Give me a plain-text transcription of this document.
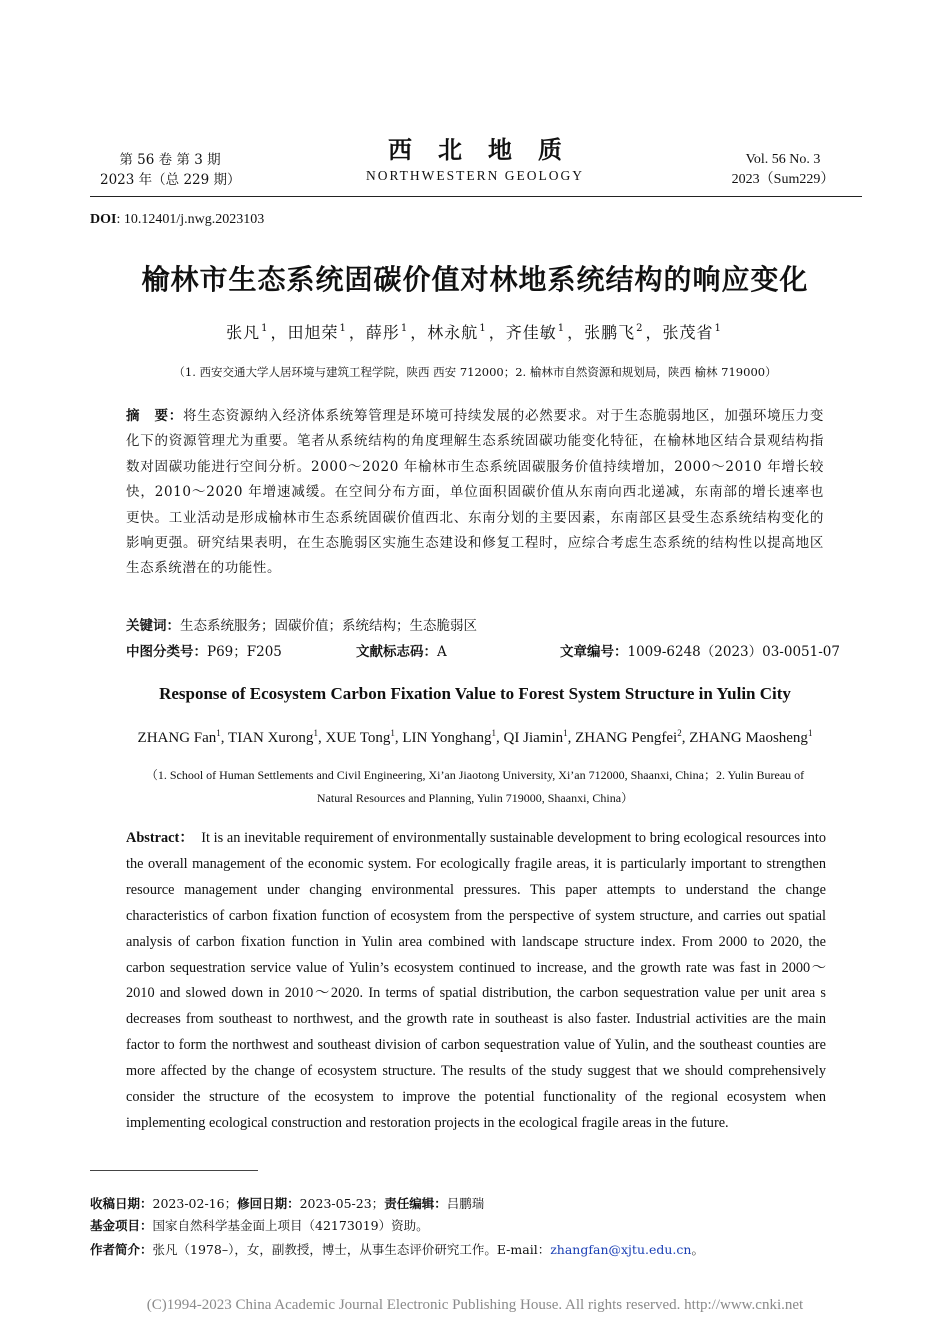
第 56 卷 第 3 期
2023 年（总 229 期）
西北地质
NORTHWESTERN GEOLOGY
Vol. 56 No. 3
2023（Sum229）
DOI: 10.12401/j.nwg.2023103
榆林市生态系统固碳价值对林地系统结构的响应变化
张凡$^1$ ，田旭荣$^1$ ，薛彤$^1$ ，林永航$^1$ ，齐佳敏$^1$ ，张鹏飞$^2$ ，张茂省$^1$
（1. 西安交通大学人居环境与建筑工程学院，陕西 西安 712000；2. 榆林市自然资源和规划局，陕西 榆林 719000）
摘　要：将生态资源纳入经济体系统筹管理是环境可持续发展的必然要求。对于生态脆弱地区，加强环境压力变化下的资源管理尤为重要。笔者从系统结构的角度理解生态系统固碳功能变化特征，在榆林地区结合景观结构指数对固碳功能进行空间分析。2000～2020 年榆林市生态系统固碳服务价值持续增加，2000～2010 年增长较快，2010～2020 年增速减缓。在空间分布方面，单位面积固碳价值从东南向西北递减，东南部的增长速率也更快。工业活动是形成榆林市生态系统固碳价值西北、东南分划的主要因素，东南部区县受生态系统结构变化的影响更强。研究结果表明，在生态脆弱区实施生态建设和修复工程时，应综合考虑生态系统的结构性以提高地区生态系统潜在的功能性。
关键词：生态系统服务；固碳价值；系统结构；生态脆弱区
中图分类号：P69；F205	文献标志码：A	文章编号：1009-6248（2023）03-0051-07
Response of Ecosystem Carbon Fixation Value to Forest System Structure in Yulin City
ZHANG Fan$^1$, TIAN Xurong$^1$, XUE Tong$^1$, LIN Yonghang$^1$, QI Jiamin$^1$, ZHANG Pengfei$^2$, ZHANG Maosheng$^1$
（1. School of Human Settlements and Civil Engineering, Xi’an Jiaotong University, Xi’an 712000, Shaanxi, China；2. Yulin Bureau of
Natural Resources and Planning, Yulin 719000, Shaanxi, China）
Abstract： It is an inevitable requirement of environmentally sustainable development to bring ecological resources into the overall management of the economic system. For ecologically fragile areas, it is particularly important to strengthen resource management under changing environmental pressures. This paper attempts to understand the change characteristics of carbon fixation function of ecosystem from the perspective of system structure, and carries out spatial analysis of carbon fixation function in Yulin area combined with landscape structure index. From 2000 to 2020, the carbon sequestration service value of Yulin’s ecosystem continued to increase, and the growth rate was fast in 2000～2010 and slowed down in 2010～2020. In terms of spatial distribution, the carbon sequestration value per unit area s decreases from southeast to northwest, and the growth rate in southeast is also faster. Industrial activities are the main factor to form the northwest and southeast division of carbon sequestration value of Yulin, and the southeast counties are more affected by the change of ecosystem structure. The results of the study suggest that we should comprehensively consider the structure of the ecosystem to improve the potential functionality of the regional ecosystem when implementing ecological construction and restoration projects in the ecological fragile areas in the future.
收稿日期：2023-02-16；修回日期：2023-05-23；责任编辑：吕鹏瑞
基金项目：国家自然科学基金面上项目（42173019）资助。
作者简介：张凡（1978–），女，副教授，博士，从事生态评价研究工作。E-mail：zhangfan@xjtu.edu.cn。
(C)1994-2023 China Academic Journal Electronic Publishing House. All rights reserved. http://www.cnki.net
